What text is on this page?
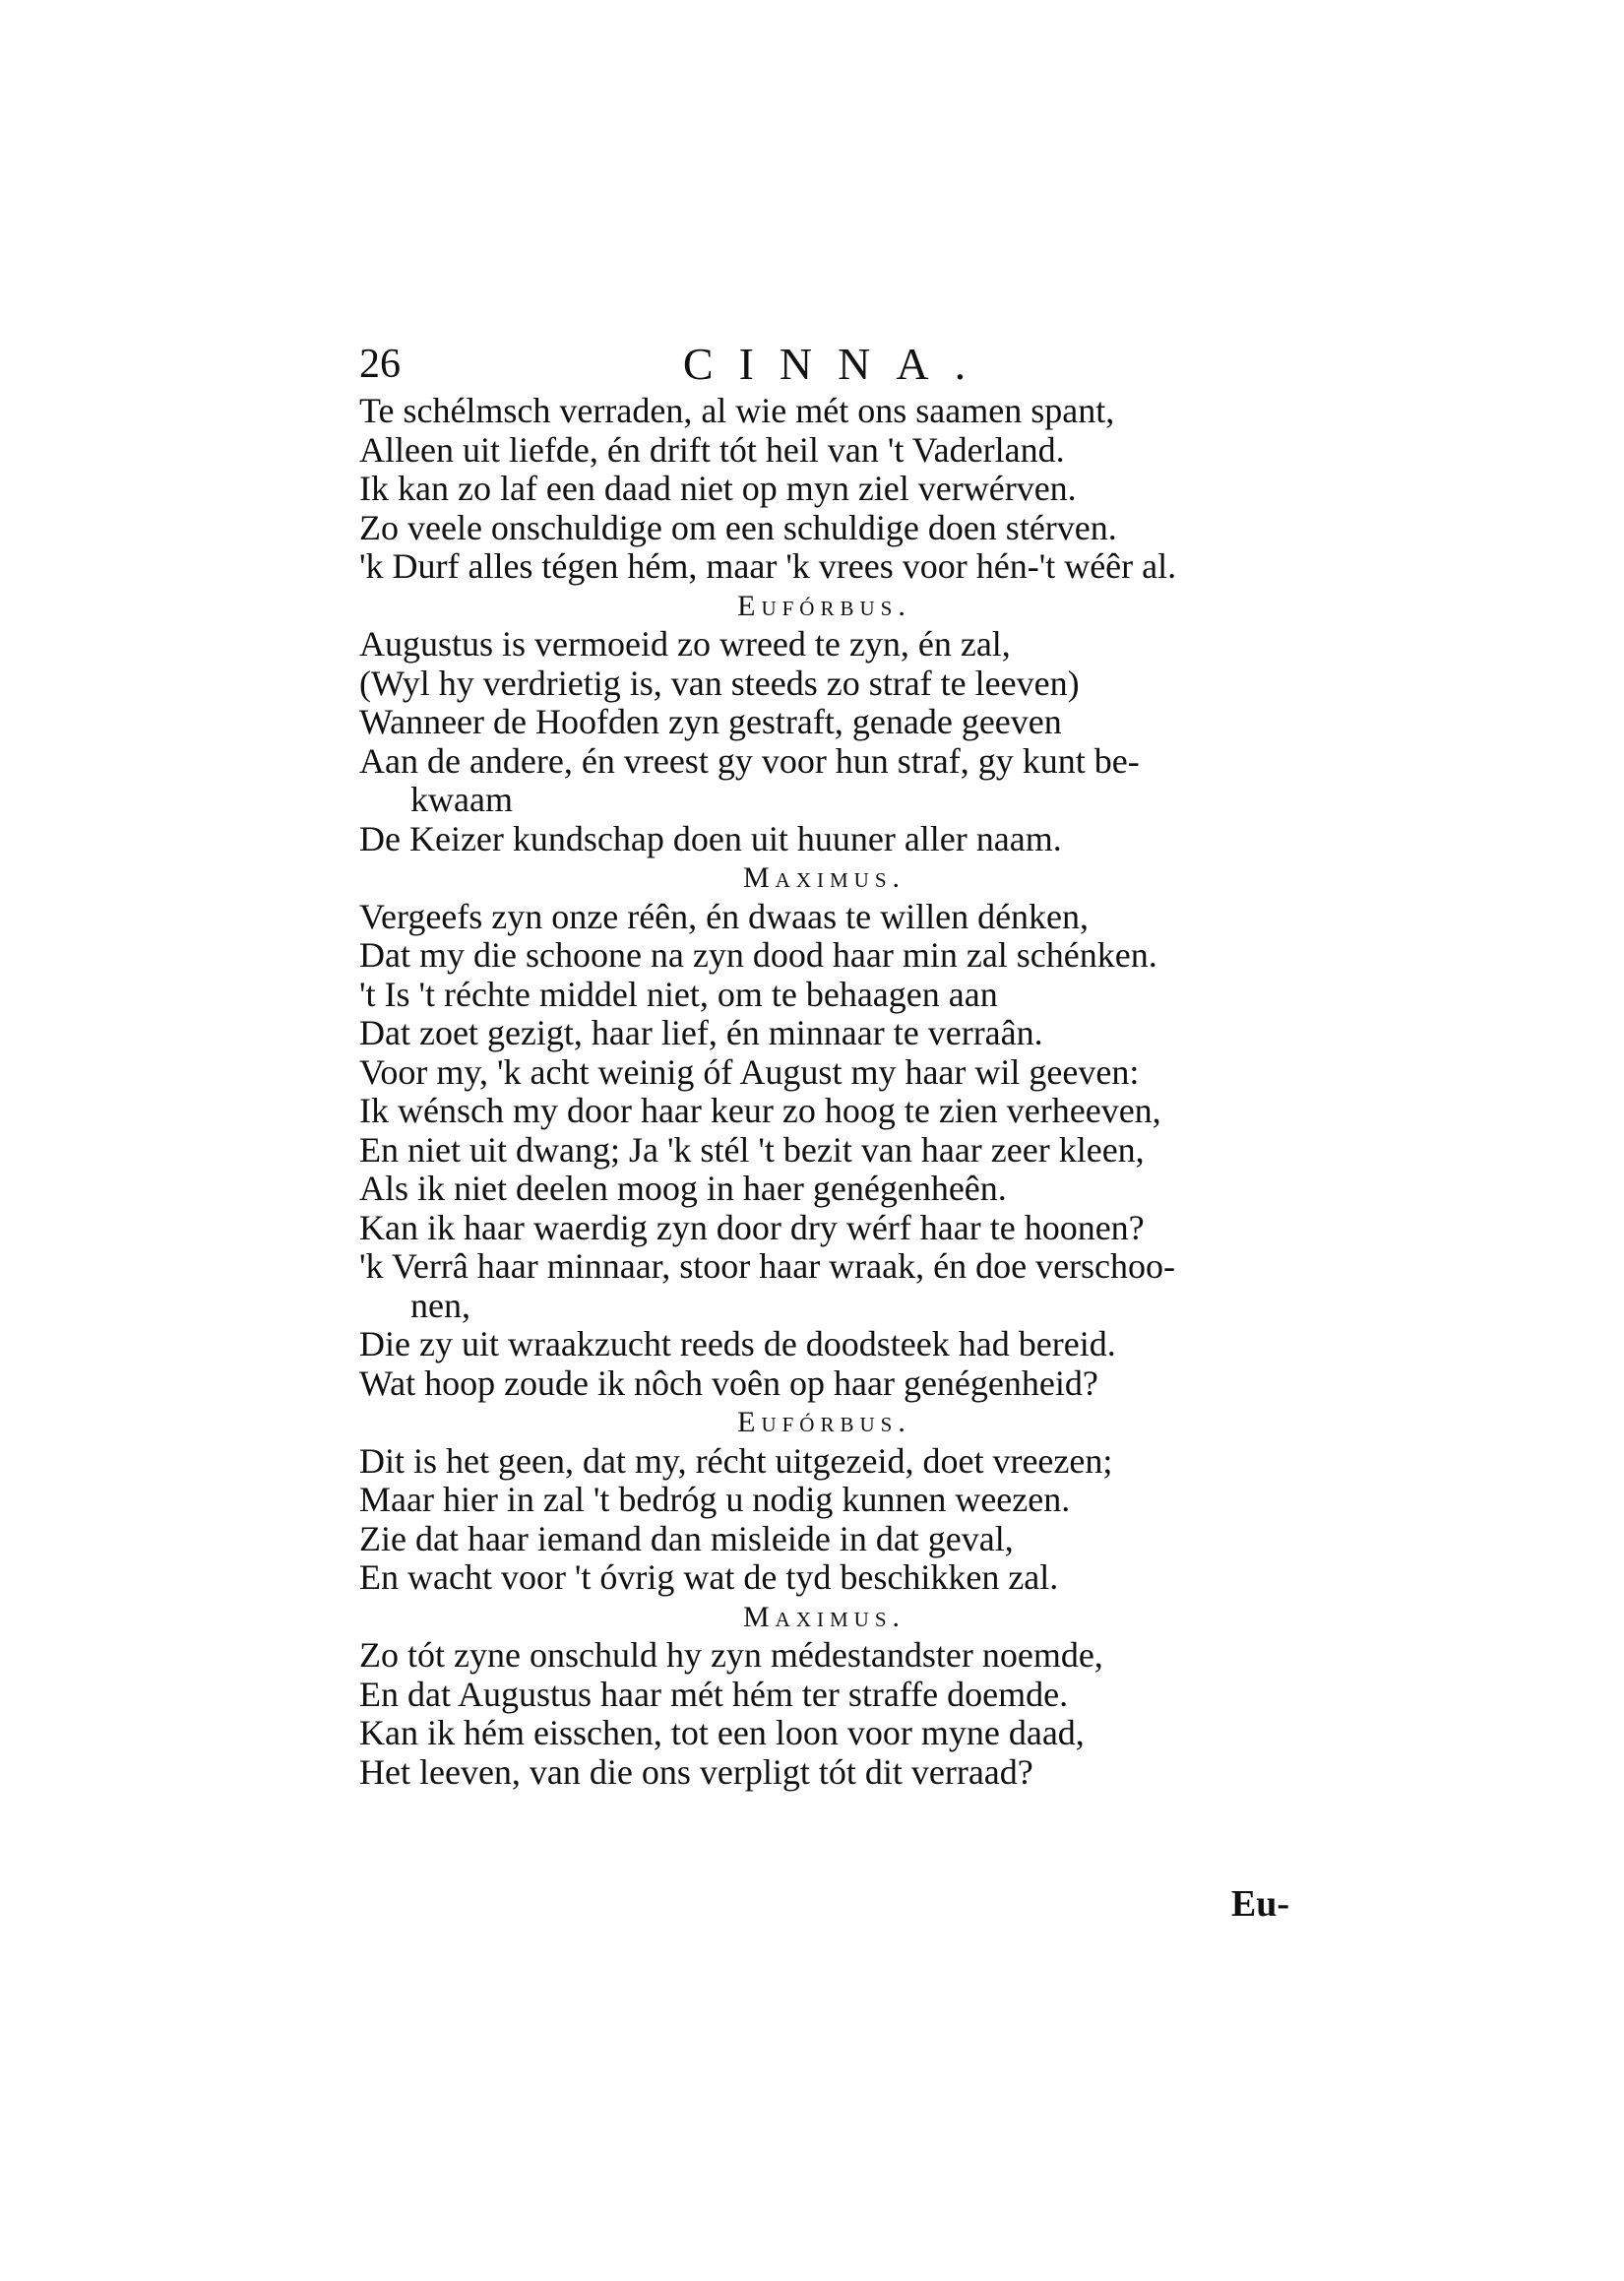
26	CINNA.
Te schélmsch verraden, al wie mét ons saamen spant,
Alleen uit liefde, én drift tót heil van 't Vaderland.
Ik kan zo laf een daad niet op myn ziel verwérven.
Zo veele onschuldige om een schuldige doen stérven.
'k Durf alles tégen hém, maar 'k vrees voor hén-'t wéêr al.
Eufórbus.
Augustus is vermoeid zo wreed te zyn, én zal,
(Wyl hy verdrietig is, van steeds zo straf te leeven)
Wanneer de Hoofden zyn gestraft, genade geeven
Aan de andere, én vreest gy voor hun straf, gy kunt be-
kwaam
De Keizer kundschap doen uit huuner aller naam.
Maximus.
Vergeefs zyn onze réên, én dwaas te willen dénken,
Dat my die schoone na zyn dood haar min zal schénken.
't Is 't réchte middel niet, om te behaagen aan
Dat zoet gezigt, haar lief, én minnaar te verraân.
Voor my, 'k acht weinig óf August my haar wil geeven:
Ik wénsch my door haar keur zo hoog te zien verheeven,
En niet uit dwang; Ja 'k stél 't bezit van haar zeer kleen,
Als ik niet deelen moog in haer genégenheên.
Kan ik haar waerdig zyn door dry wérf haar te hoonen?
'k Verrâ haar minnaar, stoor haar wraak, én doe verschoo-
nen,
Die zy uit wraakzucht reeds de doodsteek had bereid.
Wat hoop zoude ik nôch voên op haar genégenheid?
Eufórbus.
Dit is het geen, dat my, récht uitgezeid, doet vreezen;
Maar hier in zal 't bedróg u nodig kunnen weezen.
Zie dat haar iemand dan misleide in dat geval,
En wacht voor 't óvrig wat de tyd beschikken zal.
Maximus.
Zo tót zyne onschuld hy zyn médestandster noemde,
En dat Augustus haar mét hém ter straffe doemde.
Kan ik hém eisschen, tot een loon voor myne daad,
Het leeven, van die ons verpligt tót dit verraad?
Eu-
